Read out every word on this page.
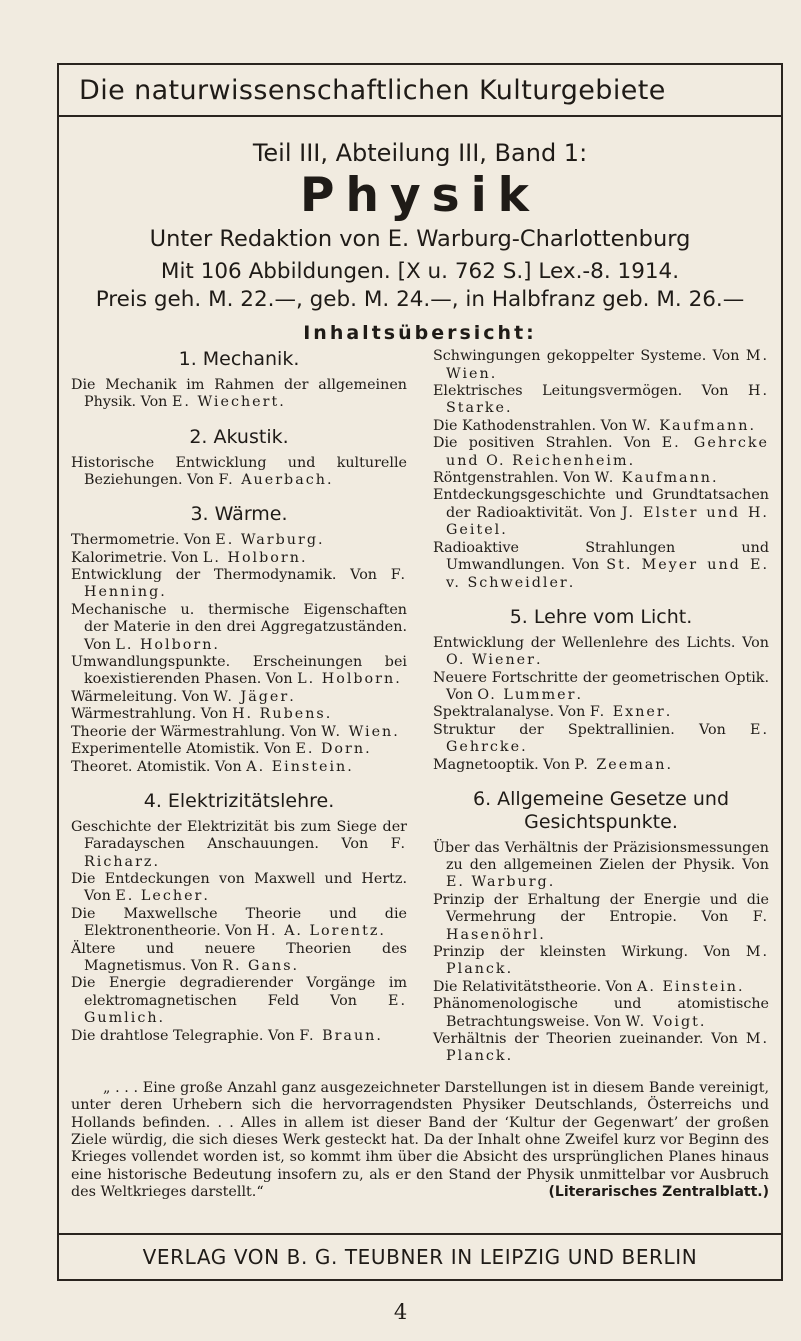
Die naturwissenschaftlichen Kulturgebiete
Teil III, Abteilung III, Band 1:
Physik
Unter Redaktion von E. Warburg-Charlottenburg
Mit 106 Abbildungen. [X u. 762 S.] Lex.-8. 1914.
Preis geh. M. 22.—, geb. M. 24.—, in Halbfranz geb. M. 26.—
Inhaltsübersicht:
1. Mechanik.
Die Mechanik im Rahmen der allgemeinen Physik. Von E. Wiechert.
2. Akustik.
Historische Entwicklung und kulturelle Beziehungen. Von F. Auerbach.
3. Wärme.
Thermometrie. Von E. Warburg.
Kalorimetrie. Von L. Holborn.
Entwicklung der Thermodynamik. Von F. Henning.
Mechanische u. thermische Eigenschaften der Materie in den drei Aggregatzuständen. Von L. Holborn.
Umwandlungspunkte. Erscheinungen bei koexistierenden Phasen. Von L. Holborn.
Wärmeleitung. Von W. Jäger.
Wärmestrahlung. Von H. Rubens.
Theorie der Wärmestrahlung. Von W. Wien.
Experimentelle Atomistik. Von E. Dorn.
Theoret. Atomistik. Von A. Einstein.
4. Elektrizitätslehre.
Geschichte der Elektrizität bis zum Siege der Faradayschen Anschauungen. Von F. Richarz.
Die Entdeckungen von Maxwell und Hertz. Von E. Lecher.
Die Maxwellsche Theorie und die Elektronentheorie. Von H. A. Lorentz.
Ältere und neuere Theorien des Magnetismus. Von R. Gans.
Die Energie degradierender Vorgänge im elektromagnetischen Feld Von E. Gumlich.
Die drahtlose Telegraphie. Von F. Braun.
Schwingungen gekoppelter Systeme. Von M. Wien.
Elektrisches Leitungsvermögen. Von H. Starke.
Die Kathodenstrahlen. Von W. Kaufmann.
Die positiven Strahlen. Von E. Gehrcke und O. Reichenheim.
Röntgenstrahlen. Von W. Kaufmann.
Entdeckungsgeschichte und Grundtatsachen der Radioaktivität. Von J. Elster und H. Geitel.
Radioaktive Strahlungen und Umwandlungen. Von St. Meyer und E. v. Schweidler.
5. Lehre vom Licht.
Entwicklung der Wellenlehre des Lichts. Von O. Wiener.
Neuere Fortschritte der geometrischen Optik. Von O. Lummer.
Spektralanalyse. Von F. Exner.
Struktur der Spektrallinien. Von E. Gehrcke.
Magnetooptik. Von P. Zeeman.
6. Allgemeine Gesetze und Gesichtspunkte.
Über das Verhältnis der Präzisionsmessungen zu den allgemeinen Zielen der Physik. Von E. Warburg.
Prinzip der Erhaltung der Energie und die Vermehrung der Entropie. Von F. Hasenöhrl.
Prinzip der kleinsten Wirkung. Von M. Planck.
Die Relativitätstheorie. Von A. Einstein.
Phänomenologische und atomistische Betrachtungsweise. Von W. Voigt.
Verhältnis der Theorien zueinander. Von M. Planck.
„ . . . Eine große Anzahl ganz ausgezeichneter Darstellungen ist in diesem Bande vereinigt, unter deren Urhebern sich die hervorragendsten Physiker Deutschlands, Österreichs und Hollands befinden. . . Alles in allem ist dieser Band der ‘Kultur der Gegenwart’ der großen Ziele würdig, die sich dieses Werk gesteckt hat. Da der Inhalt ohne Zweifel kurz vor Beginn des Krieges vollendet worden ist, so kommt ihm über die Absicht des ursprünglichen Planes hinaus eine historische Bedeutung insofern zu, als er den Stand der Physik unmittelbar vor Ausbruch des Weltkrieges darstellt.“	(Literarisches Zentralblatt.)
VERLAG VON B. G. TEUBNER IN LEIPZIG UND BERLIN
4
